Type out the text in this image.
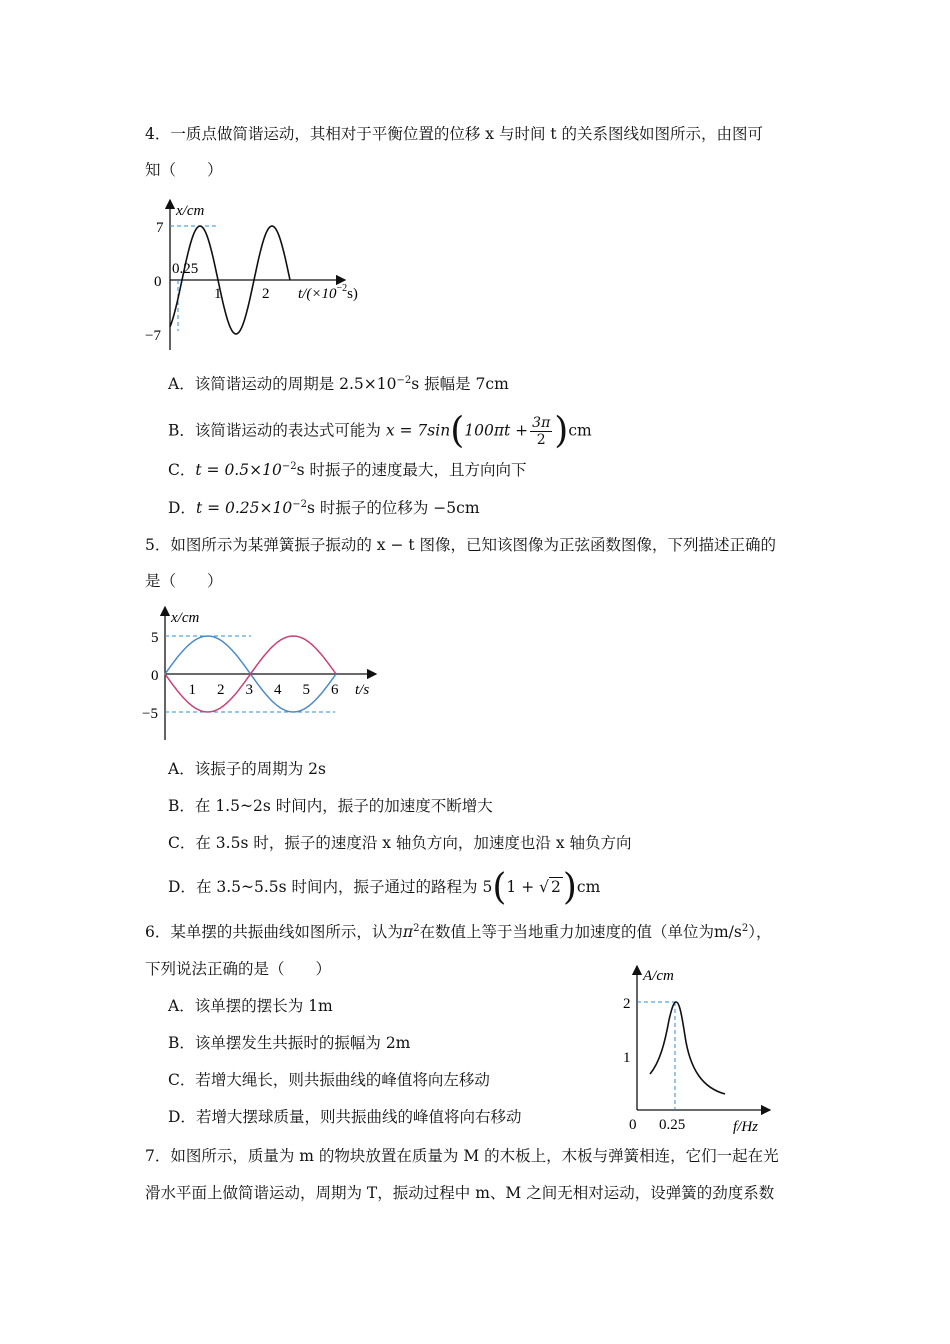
4．一质点做简谐运动，其相对于平衡位置的位移 x 与时间 t 的关系图线如图所示，由图可
知（　　）
x/cm
7
0
−7
0.25
1	2 $t/(\times 10^{-2}s)$
A．该简谐运动的周期是 $2.5\times 10^{-2}s$ 振幅是 7cm
B．该简谐运动的表达式可能为 $x = 7\sin(100\pi t + \frac{3\pi}{2} )cm$
C．$t = 0.5\times 10^{-2}s$ 时振子的速度最大，且方向向下
D．$t = 0.25\times 10^{-2}s$ 时振子的位移为 −5cm
5．如图所示为某弹簧振子振动的 x − t 图像，已知该图像为正弦函数图像，下列描述正确的
是（　　）
x/cm
5
0
−5
1 2 3 4 5 6 t/s
A．该振子的周期为 2s
B．在 1.5~2s 时间内，振子的加速度不断增大
C．在 3.5s 时，振子的速度沿 x 轴负方向，加速度也沿 x 轴负方向
D．在 3.5~5.5s 时间内，振子通过的路程为 5(1 + √ 2)cm
6．某单摆的共振曲线如图所示，认为$\pi^2$在数值上等于当地重力加速度的值（单位为$m/s^2$），
下列说法正确的是（　　）
A．该单摆的摆长为 1m
B．该单摆发生共振时的振幅为 2m
C．若增大绳长，则共振曲线的峰值将向左移动
D．若增大摆球质量，则共振曲线的峰值将向右移动
A/cm
2
1
0 0.25	f/Hz
7．如图所示，质量为 m 的物块放置在质量为 M 的木板上，木板与弹簧相连，它们一起在光
滑水平面上做简谐运动，周期为 T，振动过程中 m、M 之间无相对运动，设弹簧的劲度系数
